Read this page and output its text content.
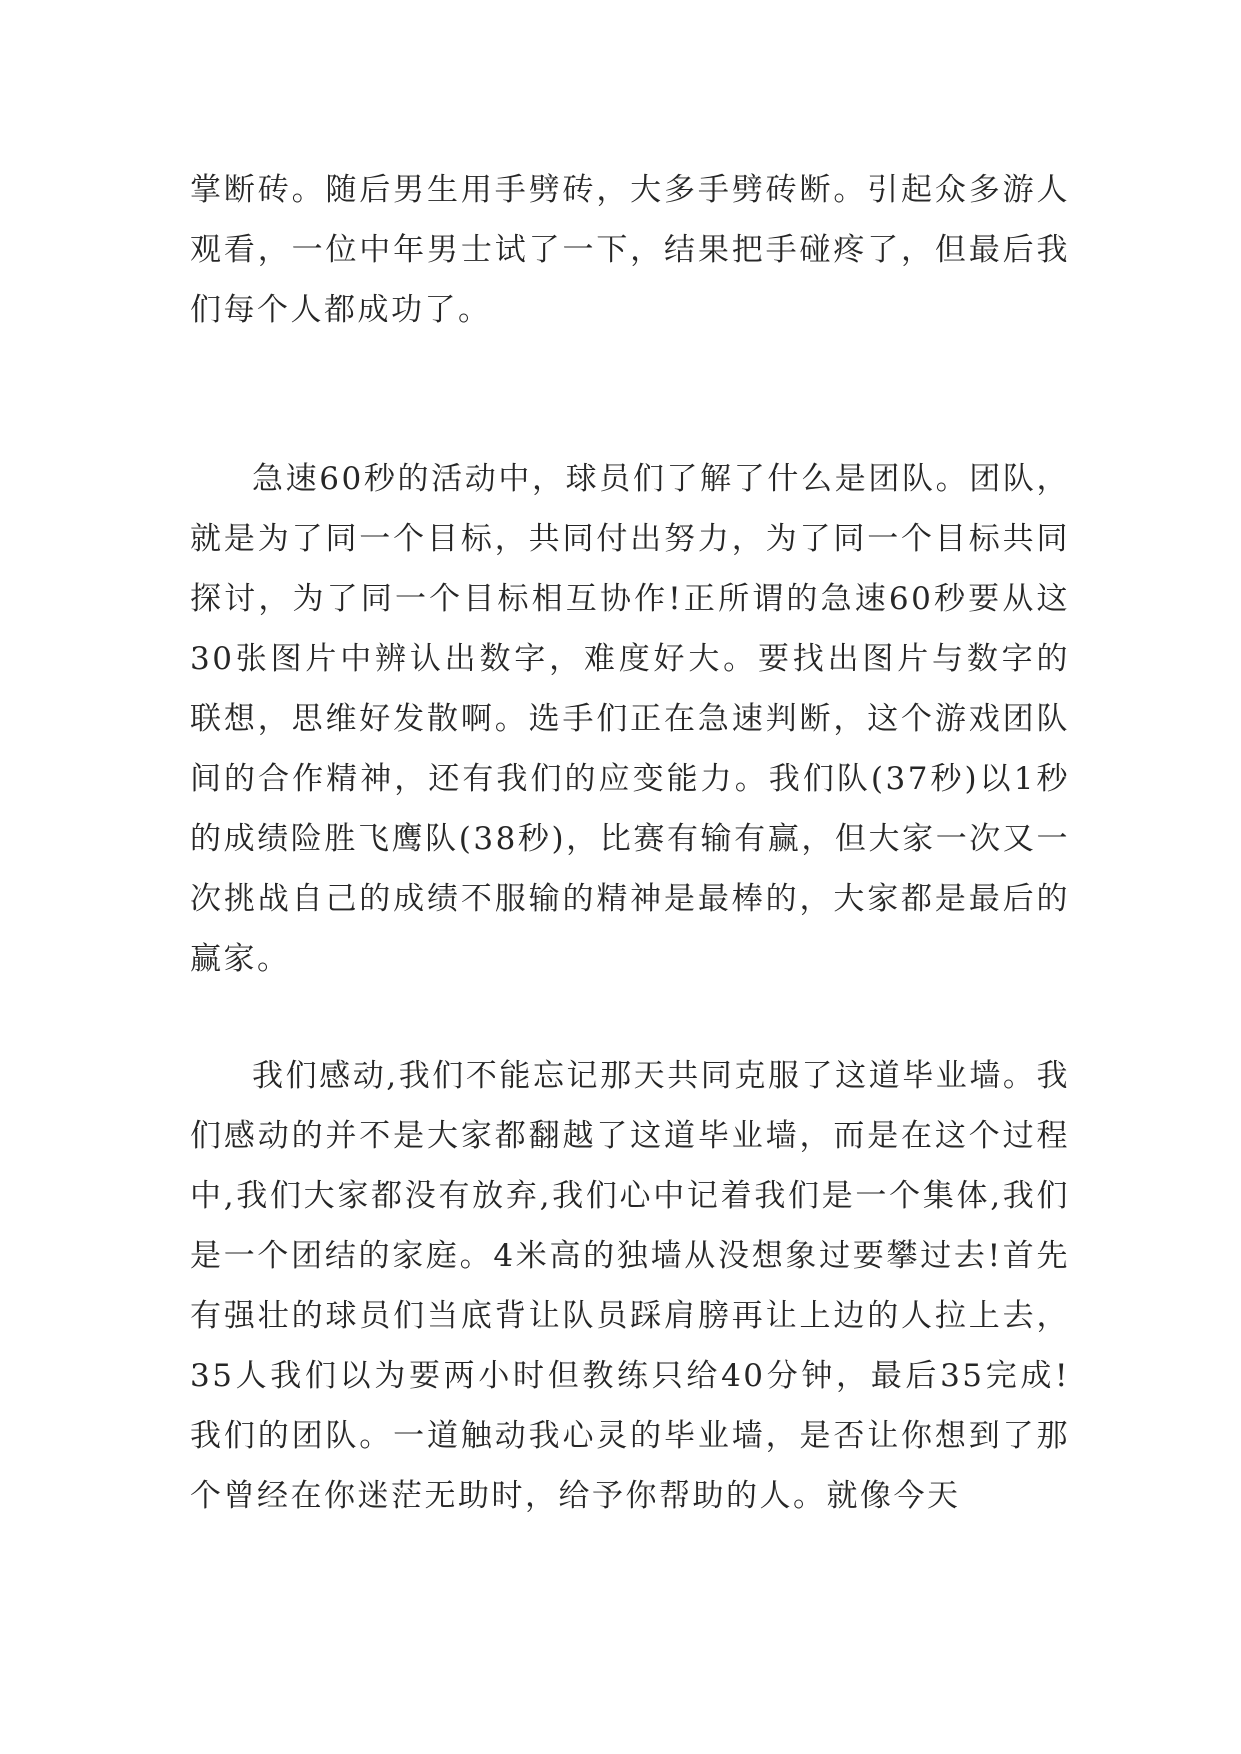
掌断砖。随后男生用手劈砖，大多手劈砖断。引起众多游人观看，一位中年男士试了一下，结果把手碰疼了，但最后我们每个人都成功了。

急速60秒的活动中，球员们了解了什么是团队。团队，就是为了同一个目标，共同付出努力，为了同一个目标共同探讨，为了同一个目标相互协作!正所谓的急速60秒要从这30张图片中辨认出数字，难度好大。要找出图片与数字的联想，思维好发散啊。选手们正在急速判断，这个游戏团队间的合作精神，还有我们的应变能力。我们队(37秒)以1秒的成绩险胜飞鹰队(38秒)，比赛有输有赢，但大家一次又一次挑战自己的成绩不服输的精神是最棒的，大家都是最后的赢家。

我们感动,我们不能忘记那天共同克服了这道毕业墙。我们感动的并不是大家都翻越了这道毕业墙，而是在这个过程中,我们大家都没有放弃,我们心中记着我们是一个集体,我们是一个团结的家庭。4米高的独墙从没想象过要攀过去!首先有强壮的球员们当底背让队员踩肩膀再让上边的人拉上去，35人我们以为要两小时但教练只给40分钟，最后35完成!我们的团队。一道触动我心灵的毕业墙，是否让你想到了那个曾经在你迷茫无助时，给予你帮助的人。就像今天
